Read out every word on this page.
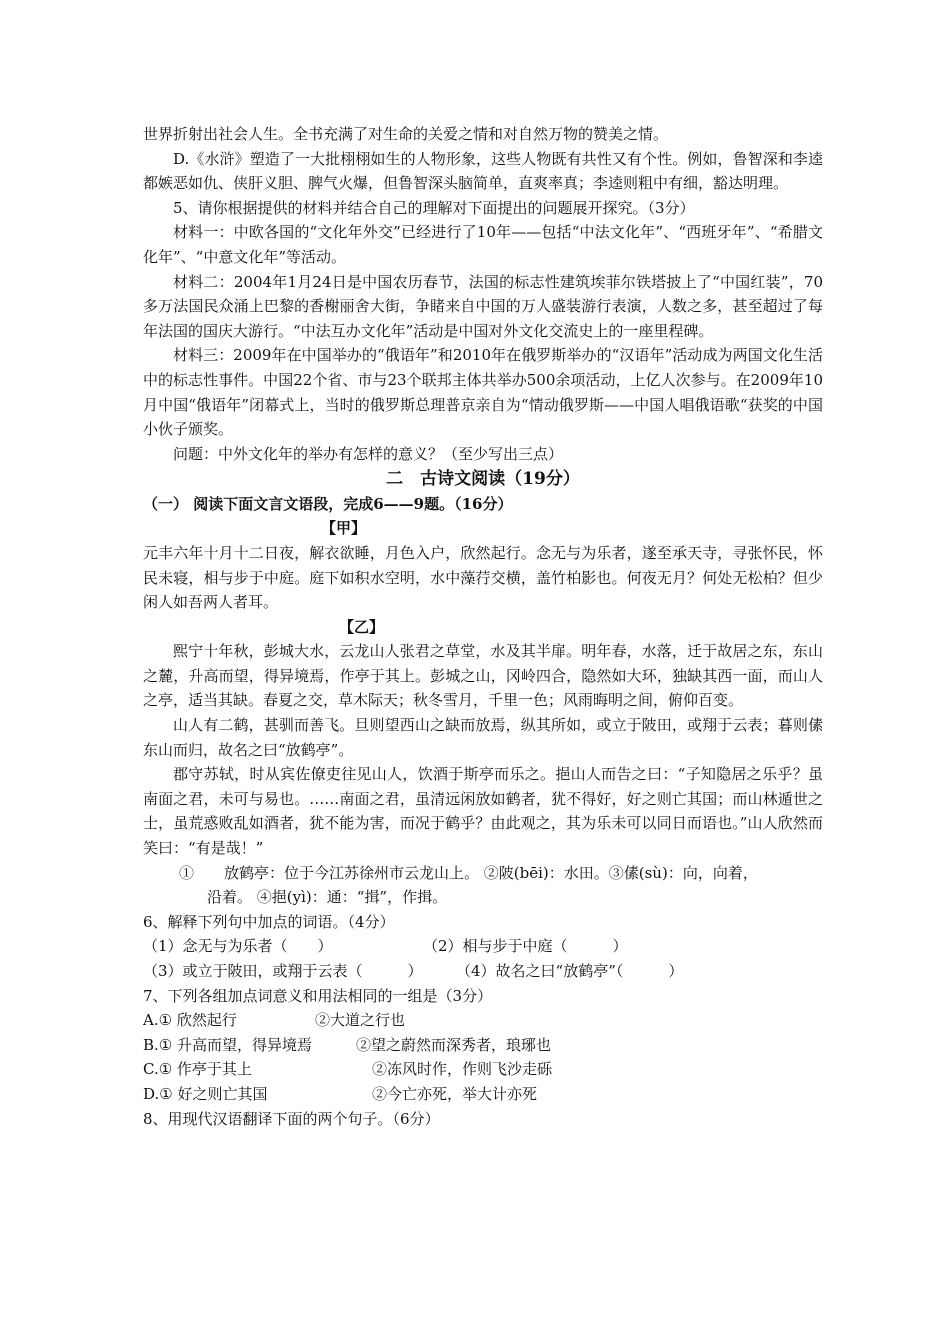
世界折射出社会人生。全书充满了对生命的关爱之情和对自然万物的赞美之情。

D.《水浒》塑造了一大批栩栩如生的人物形象，这些人物既有共性又有个性。例如，鲁智深和李逵都嫉恶如仇、侠肝义胆、脾气火爆，但鲁智深头脑简单，直爽率真；李逵则粗中有细，豁达明理。

5、请你根据提供的材料并结合自己的理解对下面提出的问题展开探究。（3分）

材料一：中欧各国的“文化年外交”已经进行了10年——包括“中法文化年”、“西班牙年”、“希腊文化年”、“中意文化年”等活动。

材料二：2004年1月24日是中国农历春节，法国的标志性建筑埃菲尔铁塔披上了“中国红装”，70多万法国民众涌上巴黎的香榭丽舍大街，争睹来自中国的万人盛装游行表演，人数之多，甚至超过了每年法国的国庆大游行。“中法互办文化年”活动是中国对外文化交流史上的一座里程碑。

材料三：2009年在中国举办的“俄语年”和2010年在俄罗斯举办的“汉语年”活动成为两国文化生活中的标志性事件。中国22个省、市与23个联邦主体共举办500余项活动，上亿人次参与。在2009年10月中国“俄语年”闭幕式上，当时的俄罗斯总理普京亲自为“情动俄罗斯——中国人唱俄语歌“获奖的中国小伙子颁奖。

问题：中外文化年的举办有怎样的意义？（至少写出三点）

二　古诗文阅读（19分）

（一） 阅读下面文言文语段，完成6——9题。（16分）

【甲】

元丰六年十月十二日夜，解衣欲睡，月色入户，欣然起行。念无与为乐者，遂至承天寺，寻张怀民，怀民未寝，相与步于中庭。庭下如积水空明，水中藻荇交横，盖竹柏影也。何夜无月？何处无松柏？但少闲人如吾两人者耳。

【乙】

熙宁十年秋，彭城大水，云龙山人张君之草堂，水及其半扉。明年春，水落，迁于故居之东，东山之麓，升高而望，得异境焉，作亭于其上。彭城之山，冈岭四合，隐然如大环，独缺其西一面，而山人之亭，适当其缺。春夏之交，草木际天；秋冬雪月，千里一色；风雨晦明之间，俯仰百变。

山人有二鹤，甚驯而善飞。旦则望西山之缺而放焉，纵其所如，或立于陂田，或翔于云表；暮则傃东山而归，故名之曰“放鹤亭”。

郡守苏轼，时从宾佐僚吏往见山人，饮酒于斯亭而乐之。挹山人而告之曰：“子知隐居之乐乎？虽南面之君，未可与易也。……南面之君，虽清远闲放如鹤者，犹不得好，好之则亡其国；而山林遁世之士，虽荒惑败乱如酒者，犹不能为害，而况于鹤乎？由此观之，其为乐未可以同日而语也。”山人欣然而笑曰：“有是哉！”

①　　放鹤亭：位于今江苏徐州市云龙山上。 ②陂(bēi)：水田。③傃(sù)：向，向着，

沿着。 ④挹(yì)：通：“揖”，作揖。

6、解释下列句中加点的词语。（4分）

（1）念无与为乐者（　　）	（2）相与步于中庭（　　　）
（3）或立于陂田，或翔于云表（　　　）	（4）故名之曰“放鹤亭”（　　　）

7、下列各组加点词意义和用法相同的一组是（3分）

A.① 欣然起行	②大道之行也
B.① 升高而望，得异境焉	②望之蔚然而深秀者，琅琊也
C.① 作亭于其上	②冻风时作，作则飞沙走砾
D.① 好之则亡其国	②今亡亦死，举大计亦死

8、用现代汉语翻译下面的两个句子。（6分）
